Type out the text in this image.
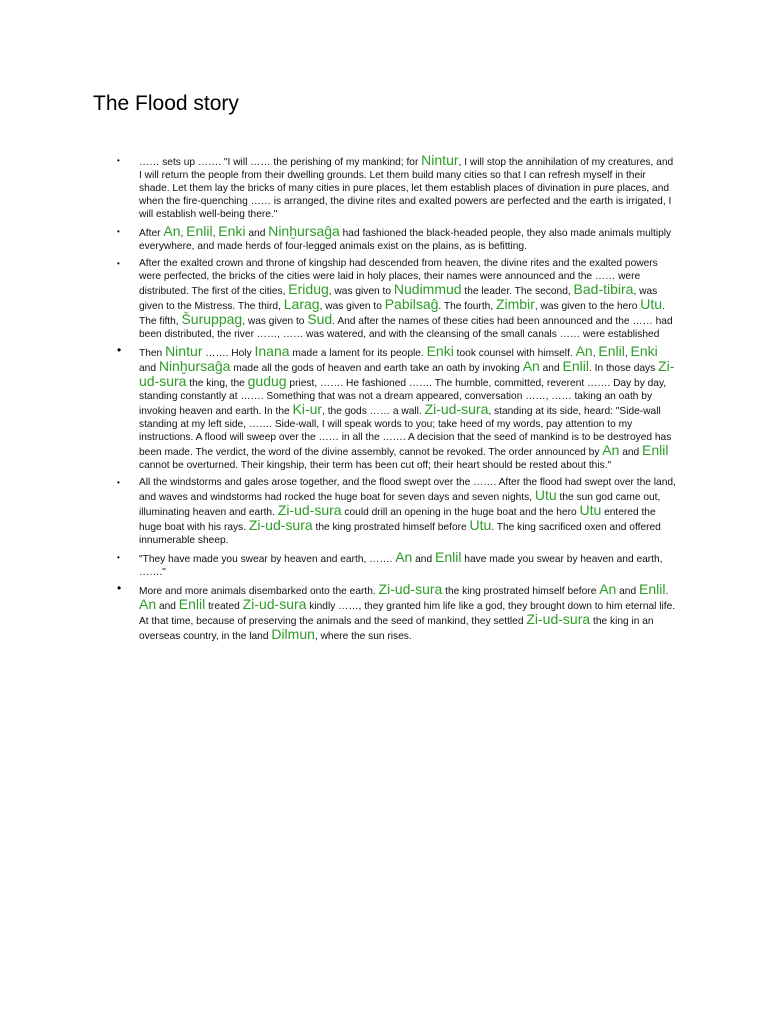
The Flood story
• …… sets up ……. "I will …… the perishing of my mankind; for Nintur, I will stop the annihilation of my creatures, and I will return the people from their dwelling grounds. Let them build many cities so that I can refresh myself in their shade. Let them lay the bricks of many cities in pure places, let them establish places of divination in pure places, and when the fire-quenching …… is arranged, the divine rites and exalted powers are perfected and the earth is irrigated, I will establish well-being there."
• After An, Enlil, Enki and Ninḫursaĝa had fashioned the black-headed people, they also made animals multiply everywhere, and made herds of four-legged animals exist on the plains, as is befitting.
• After the exalted crown and throne of kingship had descended from heaven, the divine rites and the exalted powers were perfected, the bricks of the cities were laid in holy places, their names were announced and the …… were distributed. The first of the cities, Eridug, was given to Nudimmud the leader. The second, Bad-tibira, was given to the Mistress. The third, Larag, was given to Pabilsaĝ. The fourth, Zimbir, was given to the hero Utu. The fifth, Šuruppag, was given to Sud. And after the names of these cities had been announced and the …… had been distributed, the river ……, …… was watered, and with the cleansing of the small canals …… were established
• Then Nintur ……. Holy Inana made a lament for its people. Enki took counsel with himself. An, Enlil, Enki and Ninḫursaĝa made all the gods of heaven and earth take an oath by invoking An and Enlil. In those days Zi-ud-sura the king, the gudug priest, ……. He fashioned ……. The humble, committed, reverent ……. Day by day, standing constantly at ……. Something that was not a dream appeared, conversation ……, …… taking an oath by invoking heaven and earth. In the Ki-ur, the gods …… a wall. Zi-ud-sura, standing at its side, heard: "Side-wall standing at my left side, ……. Side-wall, I will speak words to you; take heed of my words, pay attention to my instructions. A flood will sweep over the …… in all the ……. A decision that the seed of mankind is to be destroyed has been made. The verdict, the word of the divine assembly, cannot be revoked. The order announced by An and Enlil cannot be overturned. Their kingship, their term has been cut off; their heart should be rested about this."
• All the windstorms and gales arose together, and the flood swept over the ……. After the flood had swept over the land, and waves and windstorms had rocked the huge boat for seven days and seven nights, Utu the sun god came out, illuminating heaven and earth. Zi-ud-sura could drill an opening in the huge boat and the hero Utu entered the huge boat with his rays. Zi-ud-sura the king prostrated himself before Utu. The king sacrificed oxen and offered innumerable sheep.
• "They have made you swear by heaven and earth, ……. An and Enlil have made you swear by heaven and earth, ……."
• More and more animals disembarked onto the earth. Zi-ud-sura the king prostrated himself before An and Enlil. An and Enlil treated Zi-ud-sura kindly ……, they granted him life like a god, they brought down to him eternal life. At that time, because of preserving the animals and the seed of mankind, they settled Zi-ud-sura the king in an overseas country, in the land Dilmun, where the sun rises.
